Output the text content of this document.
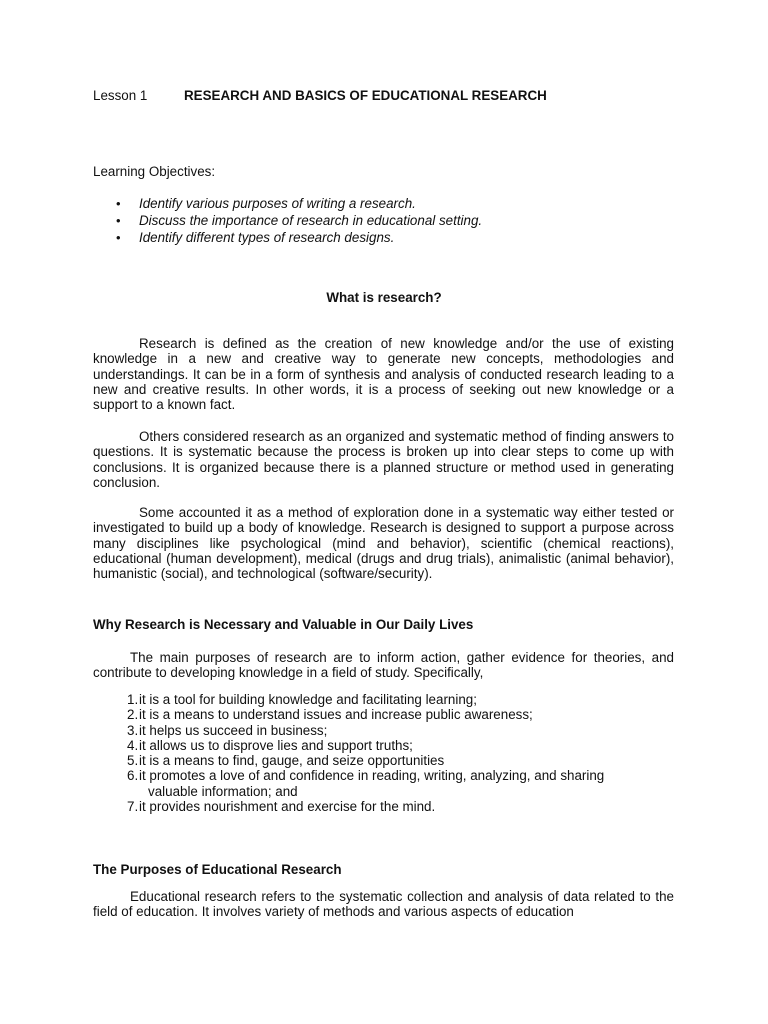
Lesson 1	RESEARCH AND BASICS OF EDUCATIONAL RESEARCH
Learning Objectives:
• Identify various purposes of writing a research.
• Discuss the importance of research in educational setting.
• Identify different types of research designs.
What is research?
Research is defined as the creation of new knowledge and/or the use of existing knowledge in a new and creative way to generate new concepts, methodologies and understandings. It can be in a form of synthesis and analysis of conducted research leading to a new and creative results. In other words, it is a process of seeking out new knowledge or a support to a known fact.
Others considered research as an organized and systematic method of finding answers to questions. It is systematic because the process is broken up into clear steps to come up with conclusions. It is organized because there is a planned structure or method used in generating conclusion.
Some accounted it as a method of exploration done in a systematic way either tested or investigated to build up a body of knowledge. Research is designed to support a purpose across many disciplines like psychological (mind and behavior), scientific (chemical reactions), educational (human development), medical (drugs and drug trials), animalistic (animal behavior), humanistic (social), and technological (software/security).
Why Research is Necessary and Valuable in Our Daily Lives
The main purposes of research are to inform action, gather evidence for theories, and contribute to developing knowledge in a field of study. Specifically,
1. it is a tool for building knowledge and facilitating learning;
2. it is a means to understand issues and increase public awareness;
3. it helps us succeed in business;
4. it allows us to disprove lies and support truths;
5. it is a means to find, gauge, and seize opportunities
6. it promotes a love of and confidence in reading, writing, analyzing, and sharing
valuable information; and
7. it provides nourishment and exercise for the mind.
The Purposes of Educational Research
Educational research refers to the systematic collection and analysis of data related to the field of education. It involves variety of methods and various aspects of education
